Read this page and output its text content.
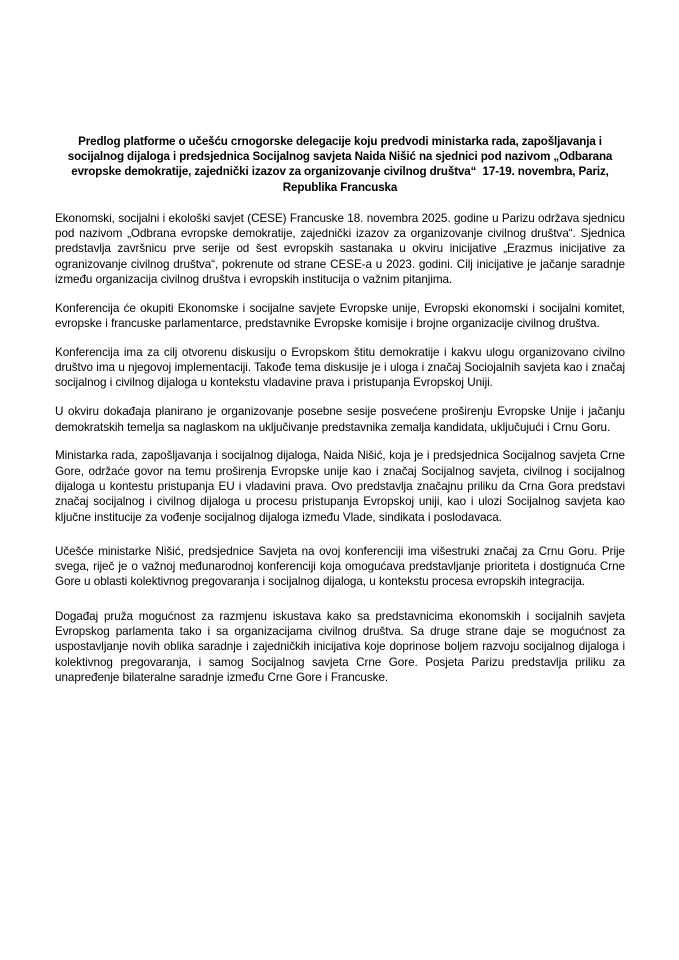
Predlog platforme o učešću crnogorske delegacije koju predvodi ministarka rada, zapošljavanja i socijalnog dijaloga i predsjednica Socijalnog savjeta Naida Nišić na sjednici pod nazivom „Odbarana evropske demokratije, zajednički izazov za organizovanje civilnog društva“  17-19. novembra, Pariz, Republika Francuska

Ekonomski, socijalni i ekološki savjet (CESE) Francuske 18. novembra 2025. godine u Parizu održava sjednicu pod nazivom „Odbrana evropske demokratije, zajednički izazov za organizovanje civilnog društva“. Sjednica predstavlja završnicu prve serije od šest evropskih sastanaka u okviru inicijative „Erazmus inicijative za ogranizovanje civilnog društva“, pokrenute od strane CESE-a u 2023. godini. Cilj inicijative je jačanje saradnje između organizacija civilnog društva i evropskih institucija o važnim pitanjima.

Konferencija će okupiti Ekonomske i socijalne savjete Evropske unije, Evropski ekonomski i socijalni komitet, evropske i francuske parlamentarce, predstavnike Evropske komisije i brojne organizacije civilnog društva.

Konferencija ima za cilj otvorenu diskusiju o Evropskom štitu demokratije i kakvu ulogu organizovano civilno društvo ima u njegovoj implementaciji. Takođe tema diskusije je i uloga i značaj Sociojalnih savjeta kao i značaj socijalnog i civilnog dijaloga u kontekstu vladavine prava i pristupanja Evropskoj Uniji.

U okviru dokađaja planirano je organizovanje posebne sesije posvećene proširenju Evropske Unije i jačanju demokratskih temelja sa naglaskom na uključivanje predstavnika zemalja kandidata, uključujući i Crnu Goru.

Ministarka rada, zapošljavanja i socijalnog dijaloga, Naida Nišić, koja je i predsjednica Socijalnog savjeta Crne Gore, održaće govor na temu proširenja Evropske unije kao i značaj Socijalnog savjeta, civilnog i socijalnog dijaloga u kontestu pristupanja EU i vladavini prava. Ovo predstavlja značajnu priliku da Crna Gora predstavi značaj socijalnog i civilnog dijaloga u procesu pristupanja Evropskoj uniji, kao i ulozi Socijalnog savjeta kao ključne institucije za vođenje socijalnog dijaloga između Vlade, sindikata i poslodavaca.

Učešće ministarke Nišić, predsjednice Savjeta na ovoj konferenciji ima višestruki značaj za Crnu Goru. Prije svega, riječ je o važnoj međunarodnoj konferenciji koja omogućava predstavljanje prioriteta i dostignuća Crne Gore u oblasti kolektivnog pregovaranja i socijalnog dijaloga, u kontekstu procesa evropskih integracija.

Događaj pruža mogućnost za razmjenu iskustava kako sa predstavnicima ekonomskih i socijalnih savjeta Evropskog parlamenta tako i sa organizacijama civilnog društva. Sa druge strane daje se mogućnost za  uspostavljanje novih oblika saradnje i zajedničkih inicijativa koje doprinose boljem razvoju socijalnog dijaloga i kolektivnog pregovaranja, i samog Socijalnog savjeta Crne Gore. Posjeta Parizu predstavlja priliku za unapređenje bilateralne saradnje između Crne Gore i Francuske.
